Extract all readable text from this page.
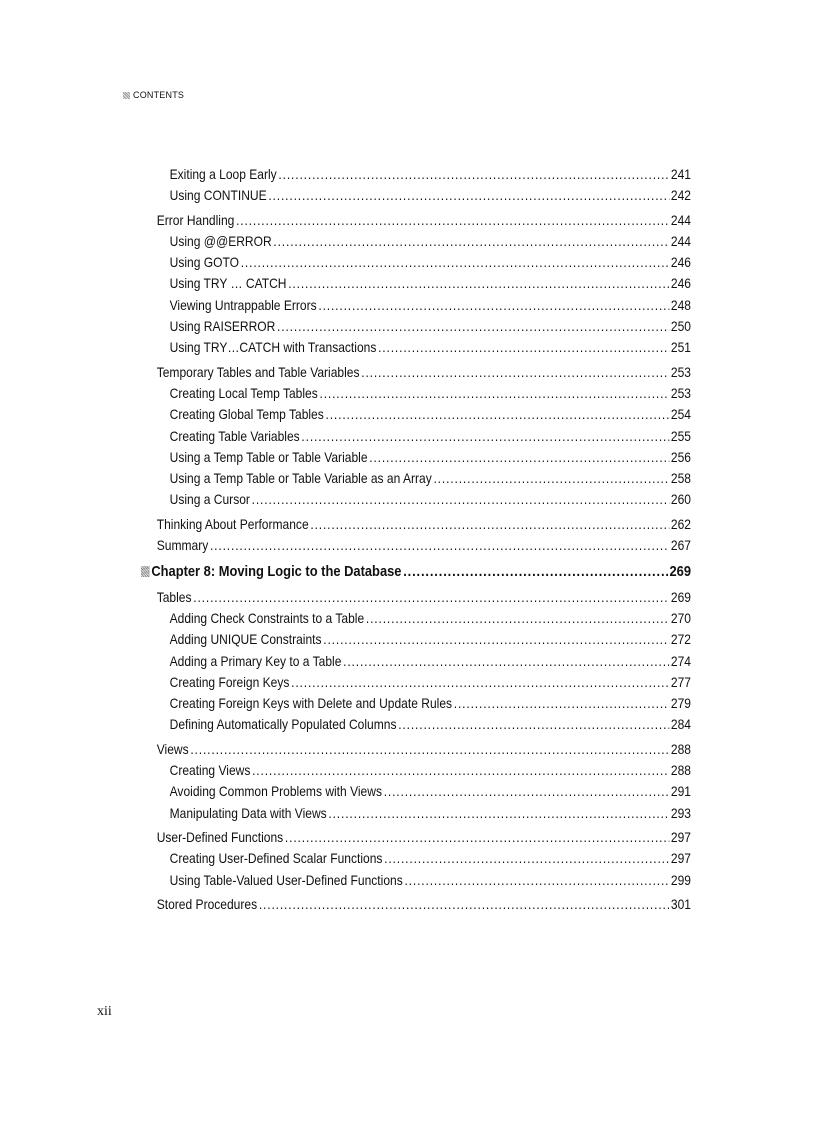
CONTENTS
Exiting a Loop Early .....	241
Using CONTINUE .....	242
Error Handling .....	244
Using @@ERROR .....	244
Using GOTO .....	246
Using TRY … CATCH .....	246
Viewing Untrappable Errors .....	248
Using RAISERROR .....	250
Using TRY…CATCH with Transactions .....	251
Temporary Tables and Table Variables .....	253
Creating Local Temp Tables .....	253
Creating Global Temp Tables .....	254
Creating Table Variables .....	255
Using a Temp Table or Table Variable .....	256
Using a Temp Table or Table Variable as an Array .....	258
Using a Cursor .....	260
Thinking About Performance .....	262
Summary .....	267
Chapter 8: Moving Logic to the Database .....	269
Tables .....	269
Adding Check Constraints to a Table .....	270
Adding UNIQUE Constraints .....	272
Adding a Primary Key to a Table .....	274
Creating Foreign Keys .....	277
Creating Foreign Keys with Delete and Update Rules .....	279
Defining Automatically Populated Columns .....	284
Views .....	288
Creating Views .....	288
Avoiding Common Problems with Views .....	291
Manipulating Data with Views .....	293
User-Defined Functions .....	297
Creating User-Defined Scalar Functions .....	297
Using Table-Valued User-Defined Functions .....	299
Stored Procedures .....	301
xii
